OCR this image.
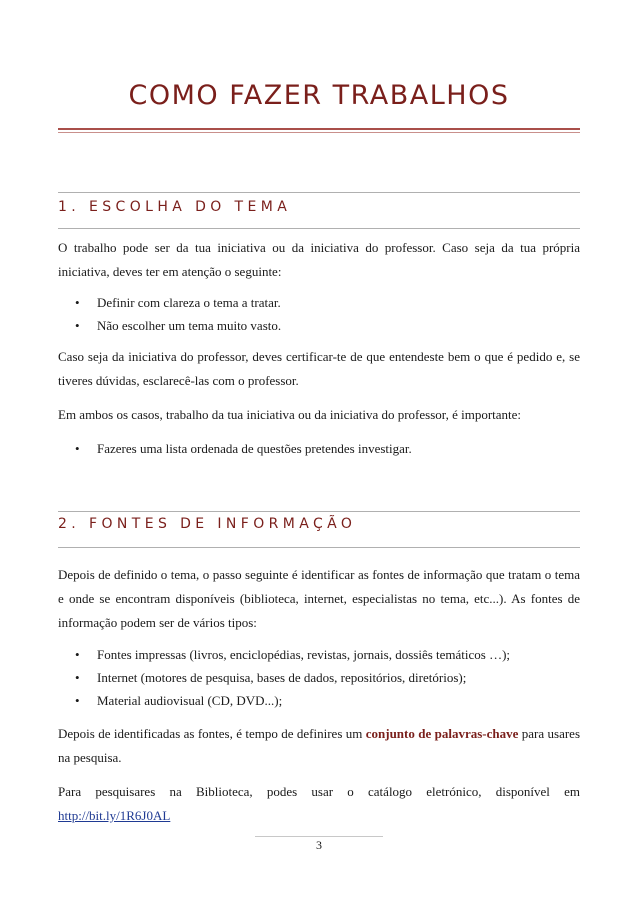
COMO FAZER TRABALHOS
1. ESCOLHA DO TEMA
O trabalho pode ser da tua iniciativa ou da iniciativa do professor. Caso seja da tua própria iniciativa, deves ter em atenção o seguinte:
• Definir com clareza o tema a tratar.
• Não escolher um tema muito vasto.
Caso seja da iniciativa do professor, deves certificar-te de que entendeste bem o que é pedido e, se tiveres dúvidas, esclarecê-las com o professor.
Em ambos os casos, trabalho da tua iniciativa ou da iniciativa do professor, é importante:
• Fazeres uma lista ordenada de questões pretendes investigar.
2. FONTES DE INFORMAÇÃO
Depois de definido o tema, o passo seguinte é identificar as fontes de informação que tratam o tema e onde se encontram disponíveis (biblioteca, internet, especialistas no tema, etc...). As fontes de informação podem ser de vários tipos:
• Fontes impressas (livros, enciclopédias, revistas, jornais, dossiês temáticos …);
• Internet (motores de pesquisa, bases de dados, repositórios, diretórios);
• Material audiovisual (CD, DVD...);
Depois de identificadas as fontes, é tempo de definires um conjunto de palavras-chave para usares na pesquisa.
Para pesquisares na Biblioteca, podes usar o catálogo eletrónico, disponível em
http://bit.ly/1R6J0AL
3
